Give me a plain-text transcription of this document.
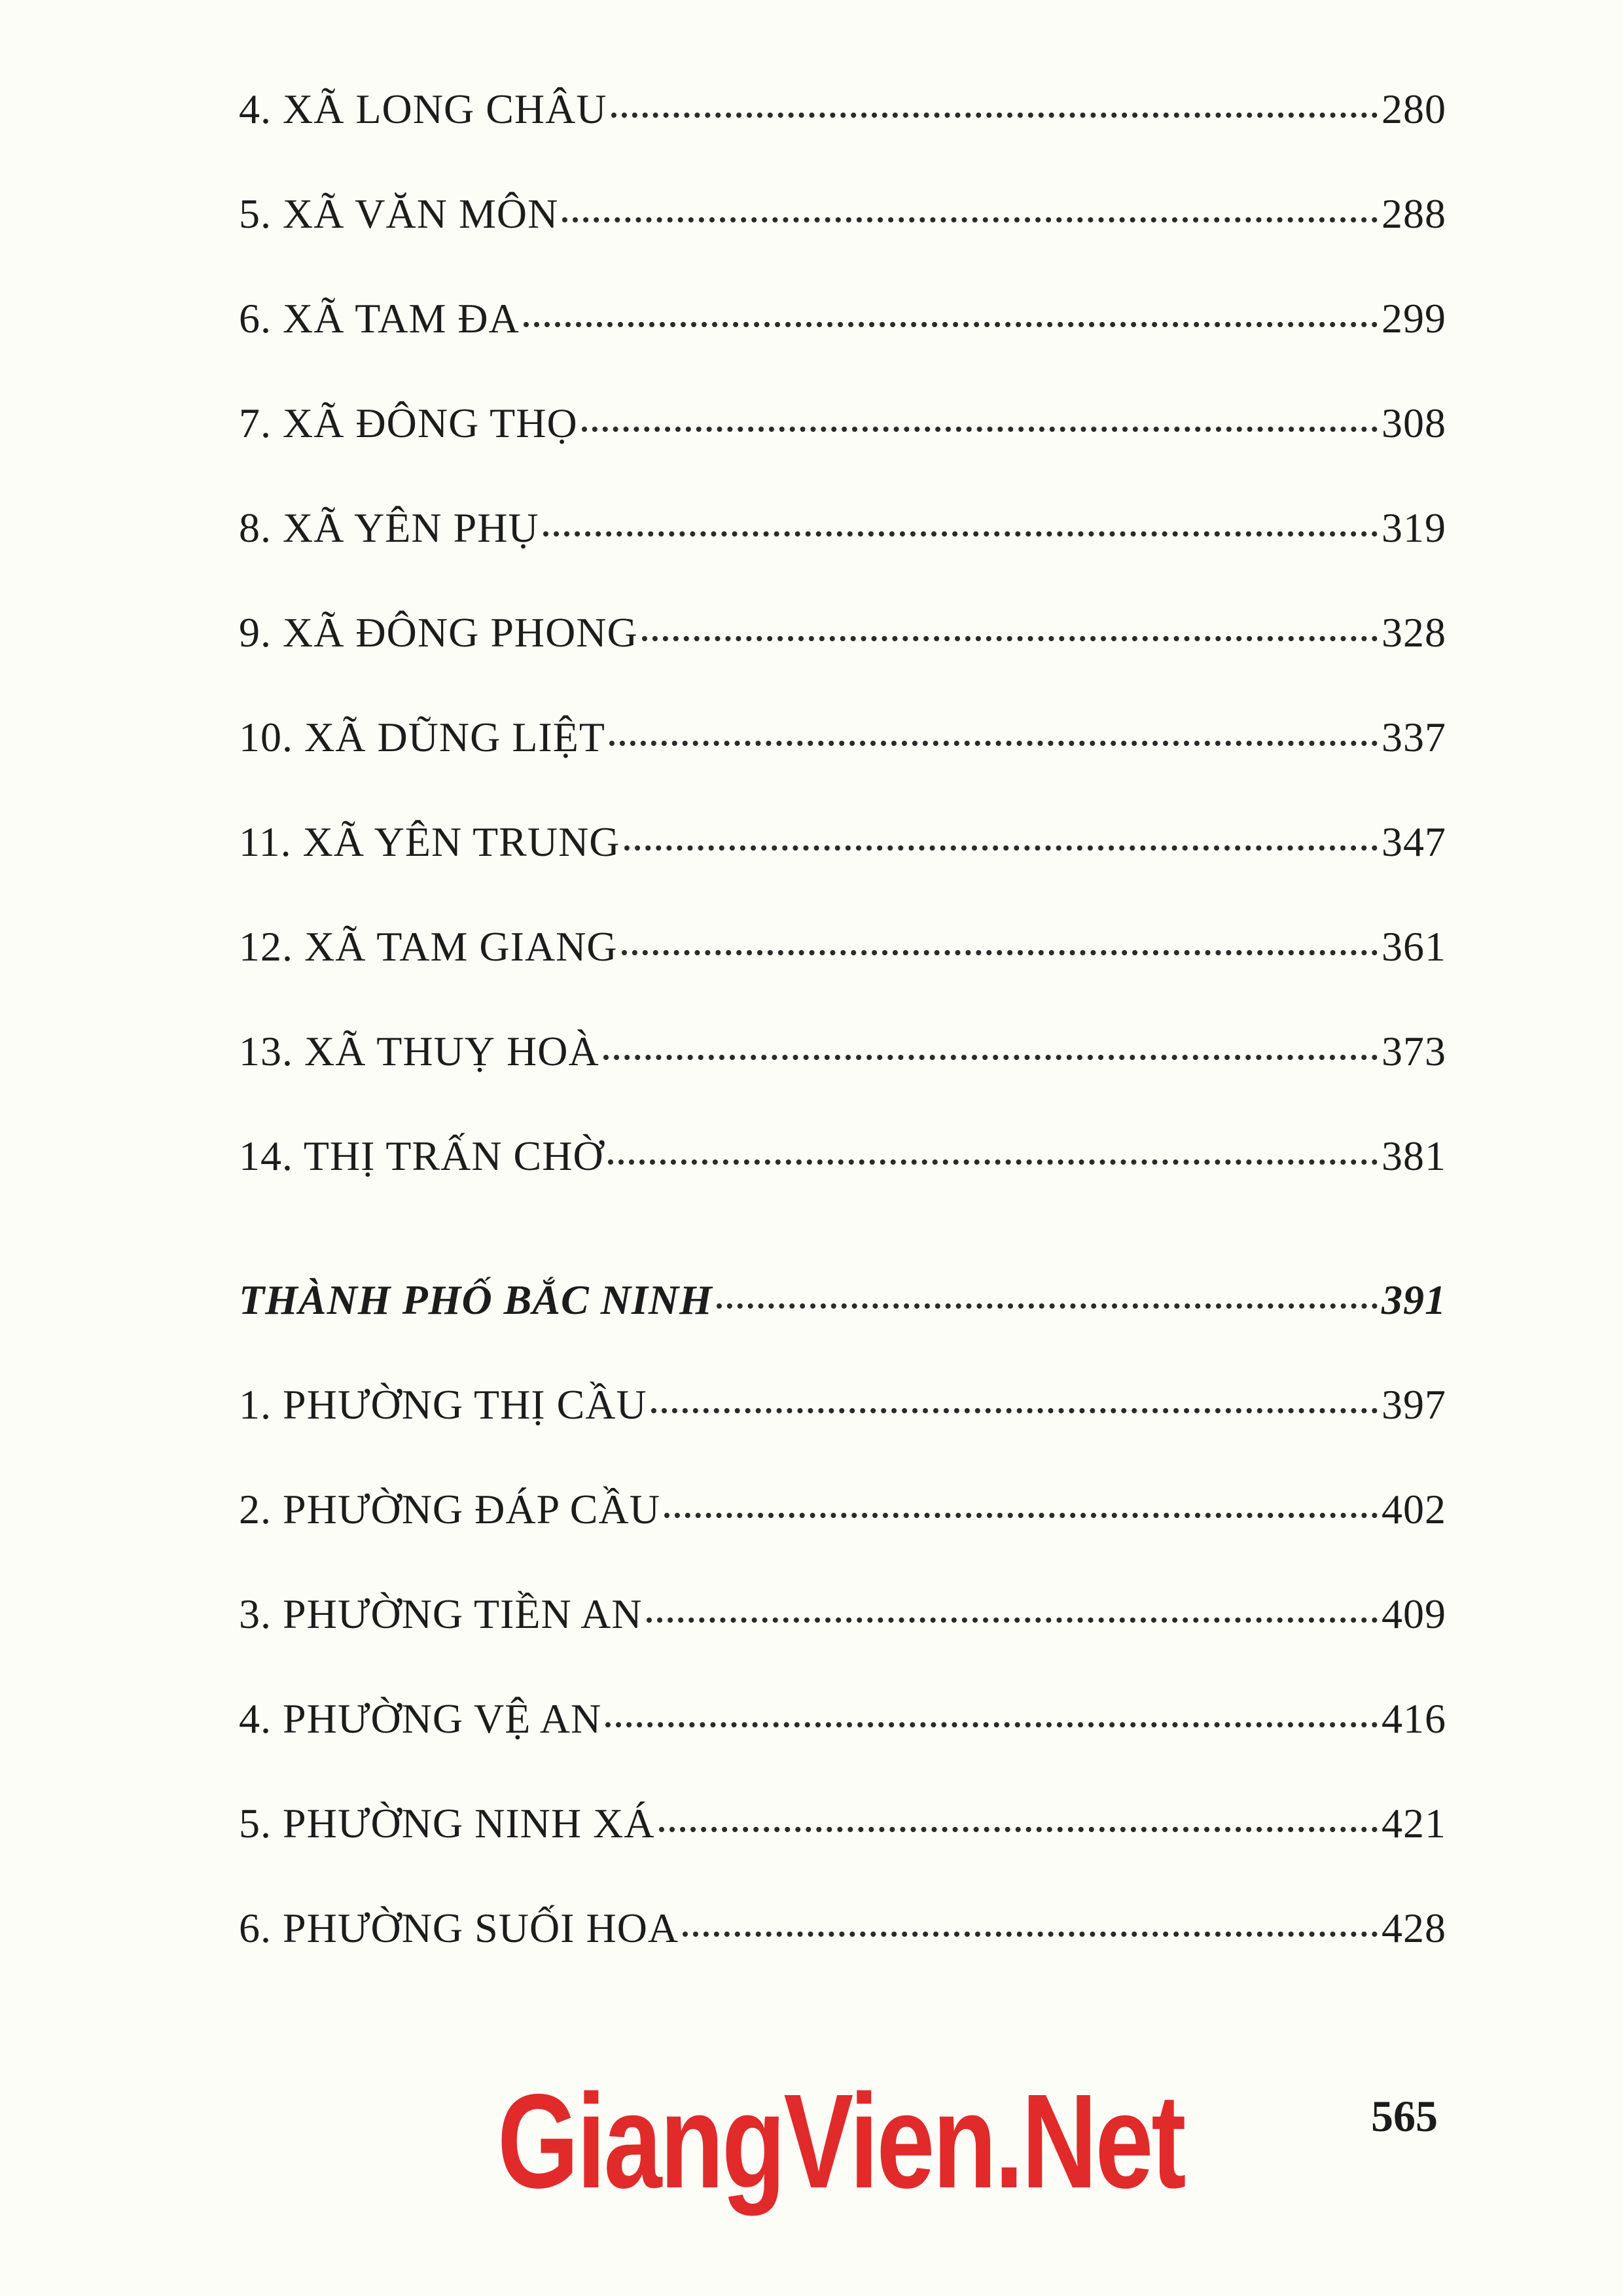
4. XÃ LONG CHÂU	280
5. XÃ VĂN MÔN	288
6. XÃ TAM ĐA	299
7. XÃ ĐÔNG THỌ	308
8. XÃ YÊN PHỤ	319
9. XÃ ĐÔNG PHONG	328
10. XÃ DŨNG LIỆT	337
11. XÃ YÊN TRUNG	347
12. XÃ TAM GIANG	361
13. XÃ THUỴ HOÀ	373
14. THỊ TRẤN CHỜ	381
THÀNH PHỐ BẮC NINH	391
1. PHƯỜNG THỊ CẦU	397
2. PHƯỜNG ĐÁP CẦU	402
3. PHƯỜNG TIỀN AN	409
4. PHƯỜNG VỆ AN	416
5. PHƯỜNG NINH XÁ	421
6. PHƯỜNG SUỐI HOA	428
565
GiangVien.Net
